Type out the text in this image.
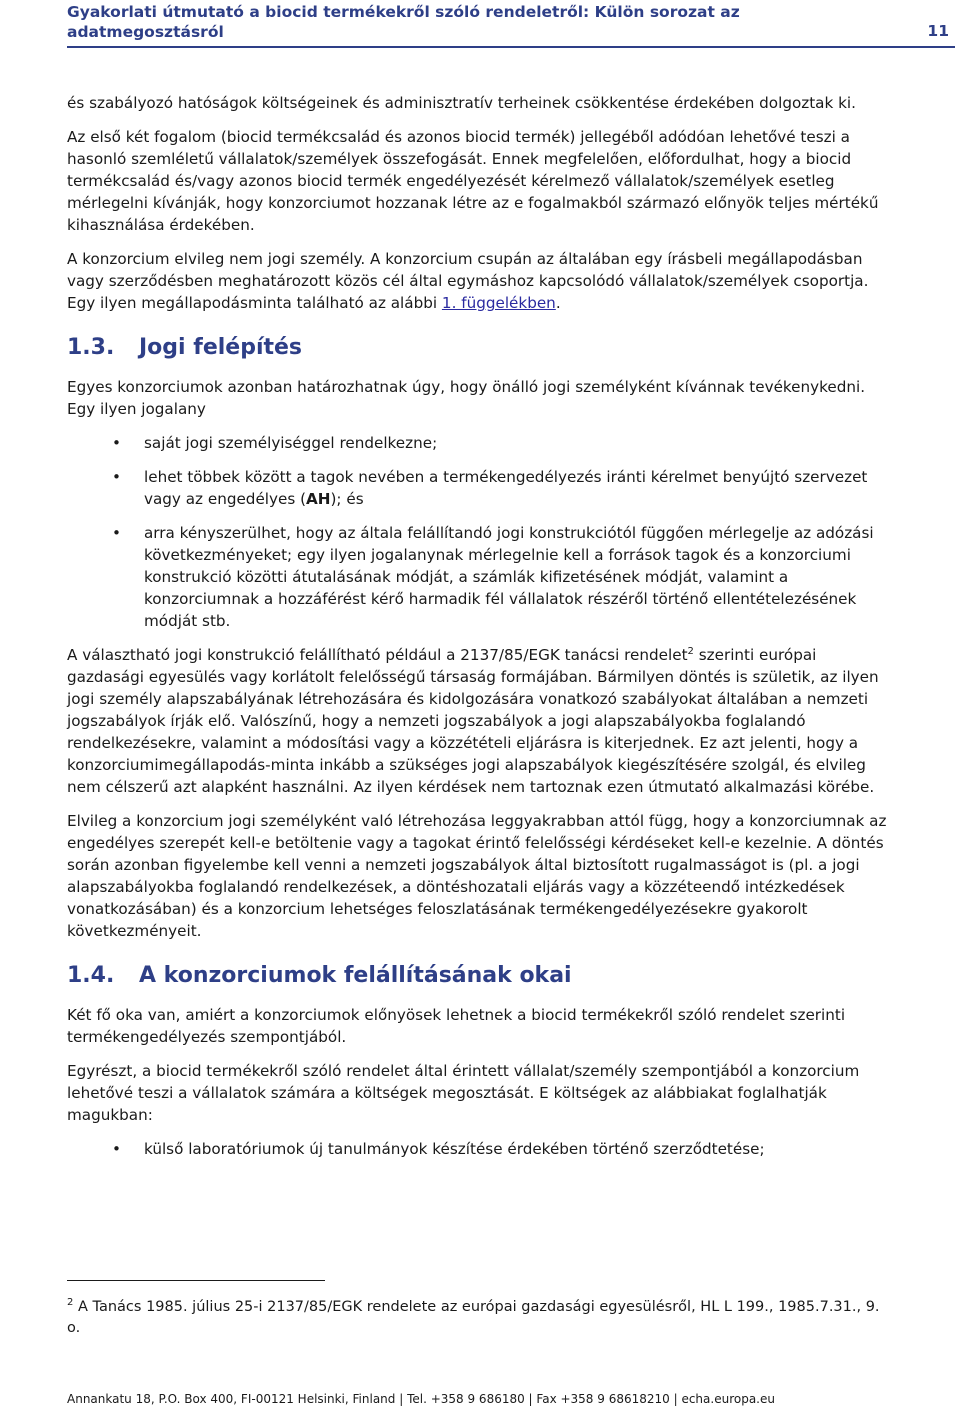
Gyakorlati útmutató a biocid termékekről szóló rendeletről: Külön sorozat az adatmegosztásról	11

és szabályozó hatóságok költségeinek és adminisztratív terheinek csökkentése érdekében dolgoztak ki.

Az első két fogalom (biocid termékcsalád és azonos biocid termék) jellegéből adódóan lehetővé teszi a hasonló szemléletű vállalatok/személyek összefogását. Ennek megfelelően, előfordulhat, hogy a biocid termékcsalád és/vagy azonos biocid termék engedélyezését kérelmező vállalatok/személyek esetleg mérlegelni kívánják, hogy konzorciumot hozzanak létre az e fogalmakból származó előnyök teljes mértékű kihasználása érdekében.

A konzorcium elvileg nem jogi személy. A konzorcium csupán az általában egy írásbeli megállapodásban vagy szerződésben meghatározott közös cél által egymáshoz kapcsolódó vállalatok/személyek csoportja. Egy ilyen megállapodásminta található az alábbi 1. függelékben.

1.3. Jogi felépítés

Egyes konzorciumok azonban határozhatnak úgy, hogy önálló jogi személyként kívánnak tevékenykedni. Egy ilyen jogalany

• saját jogi személyiséggel rendelkezne;
• lehet többek között a tagok nevében a termékengedélyezés iránti kérelmet benyújtó szervezet vagy az engedélyes (AH); és
• arra kényszerülhet, hogy az általa felállítandó jogi konstrukciótól függően mérlegelje az adózási következményeket; egy ilyen jogalanynak mérlegelnie kell a források tagok és a konzorciumi konstrukció közötti átutalásának módját, a számlák kifizetésének módját, valamint a konzorciumnak a hozzáférést kérő harmadik fél vállalatok részéről történő ellentételezésének módját stb.

A választható jogi konstrukció felállítható például a 2137/85/EGK tanácsi rendelet$^2$ szerinti európai gazdasági egyesülés vagy korlátolt felelősségű társaság formájában. Bármilyen döntés is születik, az ilyen jogi személy alapszabályának létrehozására és kidolgozására vonatkozó szabályokat általában a nemzeti jogszabályok írják elő. Valószínű, hogy a nemzeti jogszabályok a jogi alapszabályokba foglalandó rendelkezésekre, valamint a módosítási vagy a közzétételi eljárásra is kiterjednek. Ez azt jelenti, hogy a konzorciumimegállapodás-minta inkább a szükséges jogi alapszabályok kiegészítésére szolgál, és elvileg nem célszerű azt alapként használni. Az ilyen kérdések nem tartoznak ezen útmutató alkalmazási körébe.

Elvileg a konzorcium jogi személyként való létrehozása leggyakrabban attól függ, hogy a konzorciumnak az engedélyes szerepét kell-e betöltenie vagy a tagokat érintő felelősségi kérdéseket kell-e kezelnie. A döntés során azonban figyelembe kell venni a nemzeti jogszabályok által biztosított rugalmasságot is (pl. a jogi alapszabályokba foglalandó rendelkezések, a döntéshozatali eljárás vagy a közzéteendő intézkedések vonatkozásában) és a konzorcium lehetséges feloszlatásának termékengedélyezésekre gyakorolt következményeit.

1.4. A konzorciumok felállításának okai

Két fő oka van, amiért a konzorciumok előnyösek lehetnek a biocid termékekről szóló rendelet szerinti termékengedélyezés szempontjából.

Egyrészt, a biocid termékekről szóló rendelet által érintett vállalat/személy szempontjából a konzorcium lehetővé teszi a vállalatok számára a költségek megosztását. E költségek az alábbiakat foglalhatják magukban:

• külső laboratóriumok új tanulmányok készítése érdekében történő szerződtetése;
$^2$ A Tanács 1985. július 25-i 2137/85/EGK rendelete az európai gazdasági egyesülésről, HL L 199., 1985.7.31., 9. o.
Annankatu 18, P.O. Box 400, FI-00121 Helsinki, Finland | Tel. +358 9 686180 | Fax +358 9 68618210 | echa.europa.eu
